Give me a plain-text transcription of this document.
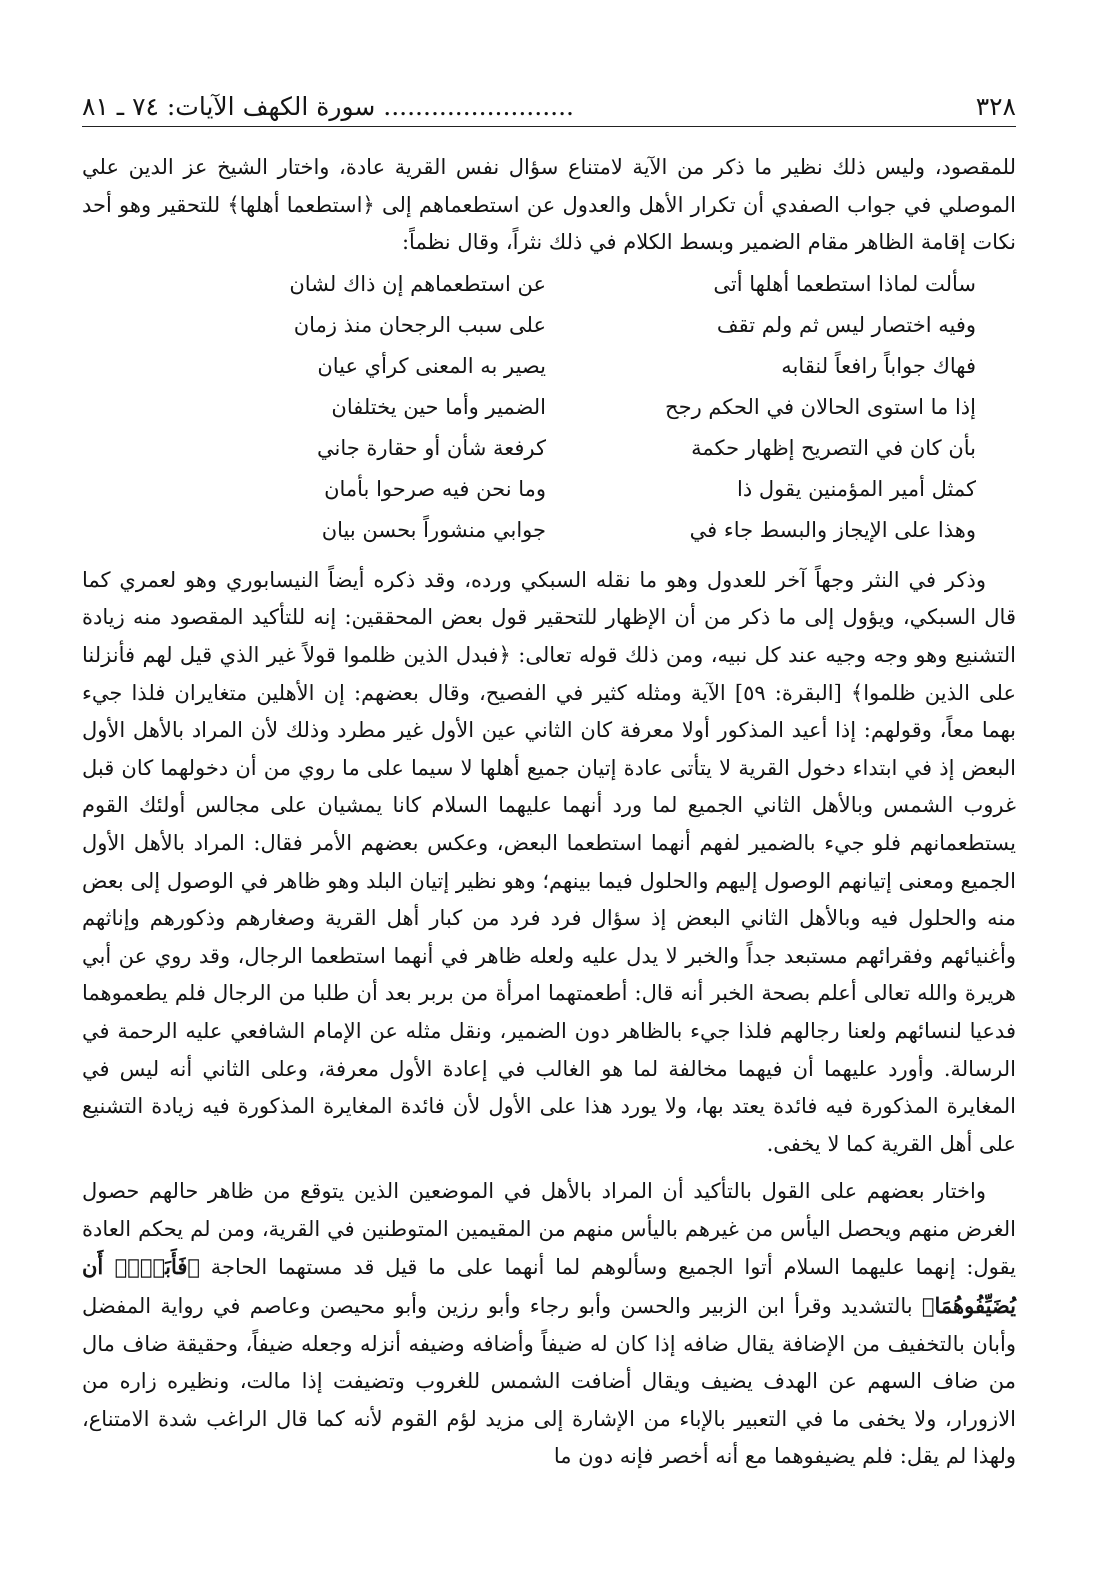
٣٢٨
........................ سورة الكهف الآيات: ٧٤ ـ ٨١

للمقصود، وليس ذلك نظير ما ذكر من الآية لامتناع سؤال نفس القرية عادة، واختار الشيخ عز الدين علي الموصلي في جواب الصفدي أن تكرار الأهل والعدول عن استطعماهم إلى ﴿استطعما أهلها﴾ للتحقير وهو أحد نكات إقامة الظاهر مقام الضمير وبسط الكلام في ذلك نثراً، وقال نظماً:

سألت لماذا استطعما أهلها أتى
عن استطعماهم إن ذاك لشان
وفيه اختصار ليس ثم ولم تقف
على سبب الرجحان منذ زمان
فهاك جواباً رافعاً لنقابه
يصير به المعنى كرأي عيان
إذا ما استوى الحالان في الحكم رجح
الضمير وأما حين يختلفان
بأن كان في التصريح إظهار حكمة
كرفعة شأن أو حقارة جاني
كمثل أمير المؤمنين يقول ذا
وما نحن فيه صرحوا بأمان
وهذا على الإيجاز والبسط جاء في
جوابي منشوراً بحسن بيان

وذكر في النثر وجهاً آخر للعدول وهو ما نقله السبكي ورده، وقد ذكره أيضاً النيسابوري وهو لعمري كما قال السبكي، ويؤول إلى ما ذكر من أن الإظهار للتحقير قول بعض المحققين: إنه للتأكيد المقصود منه زيادة التشنيع وهو وجه وجيه عند كل نبيه، ومن ذلك قوله تعالى: ﴿فبدل الذين ظلموا قولاً غير الذي قيل لهم فأنزلنا على الذين ظلموا﴾ [البقرة: ٥٩] الآية ومثله كثير في الفصيح، وقال بعضهم: إن الأهلين متغايران فلذا جيء بهما معاً، وقولهم: إذا أعيد المذكور أولا معرفة كان الثاني عين الأول غير مطرد وذلك لأن المراد بالأهل الأول البعض إذ في ابتداء دخول القرية لا يتأتى عادة إتيان جميع أهلها لا سيما على ما روي من أن دخولهما كان قبل غروب الشمس وبالأهل الثاني الجميع لما ورد أنهما عليهما السلام كانا يمشيان على مجالس أولئك القوم يستطعمانهم فلو جيء بالضمير لفهم أنهما استطعما البعض، وعكس بعضهم الأمر فقال: المراد بالأهل الأول الجميع ومعنى إتيانهم الوصول إليهم والحلول فيما بينهم؛ وهو نظير إتيان البلد وهو ظاهر في الوصول إلى بعض منه والحلول فيه وبالأهل الثاني البعض إذ سؤال فرد فرد من كبار أهل القرية وصغارهم وذكورهم وإناثهم وأغنيائهم وفقرائهم مستبعد جداً والخبر لا يدل عليه ولعله ظاهر في أنهما استطعما الرجال، وقد روي عن أبي هريرة والله تعالى أعلم بصحة الخبر أنه قال: أطعمتهما امرأة من بربر بعد أن طلبا من الرجال فلم يطعموهما فدعيا لنسائهم ولعنا رجالهم فلذا جيء بالظاهر دون الضمير، ونقل مثله عن الإمام الشافعي عليه الرحمة في الرسالة. وأورد عليهما أن فيهما مخالفة لما هو الغالب في إعادة الأول معرفة، وعلى الثاني أنه ليس في المغايرة المذكورة فيه فائدة يعتد بها، ولا يورد هذا على الأول لأن فائدة المغايرة المذكورة فيه زيادة التشنيع على أهل القرية كما لا يخفى.

واختار بعضهم على القول بالتأكيد أن المراد بالأهل في الموضعين الذين يتوقع من ظاهر حالهم حصول الغرض منهم ويحصل اليأس من غيرهم باليأس منهم من المقيمين المتوطنين في القرية، ومن لم يحكم العادة يقول: إنهما عليهما السلام أتوا الجميع وسألوهم لما أنهما على ما قيل قد مستهما الحاجة ﴿فَأَبَوۡا۟ أَن يُضَيِّفُوهُمَا﴾ بالتشديد وقرأ ابن الزبير والحسن وأبو رجاء وأبو رزين وأبو محيصن وعاصم في رواية المفضل وأبان بالتخفيف من الإضافة يقال ضافه إذا كان له ضيفاً وأضافه وضيفه أنزله وجعله ضيفاً، وحقيقة ضاف مال من ضاف السهم عن الهدف يضيف ويقال أضافت الشمس للغروب وتضيفت إذا مالت، ونظيره زاره من الازورار، ولا يخفى ما في التعبير بالإباء من الإشارة إلى مزيد لؤم القوم لأنه كما قال الراغب شدة الامتناع، ولهذا لم يقل: فلم يضيفوهما مع أنه أخصر فإنه دون ما
